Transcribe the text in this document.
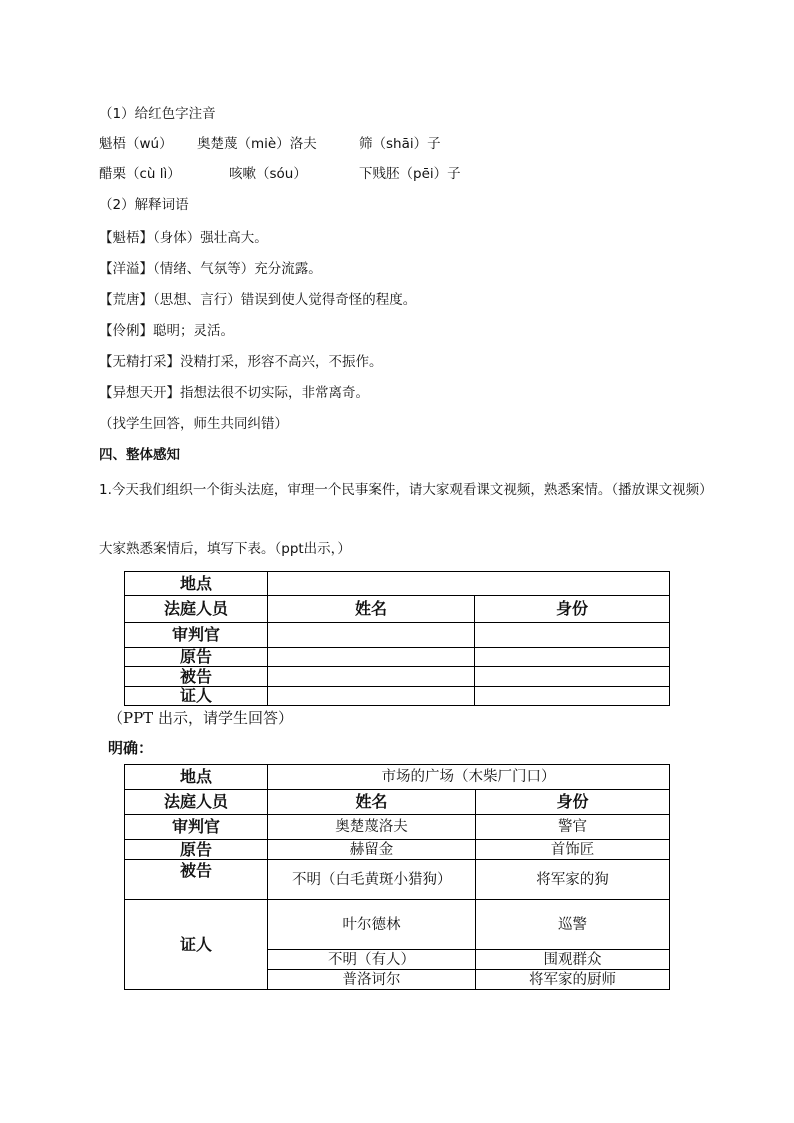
（1）给红色字注音
魁梧（wú） 奥楚蔑（miè）洛夫	筛（shāi）子
醋栗（cù lì）	咳嗽（sóu）	下贱胚（pēi）子
（2）解释词语
【魁梧】（身体）强壮高大。
【洋溢】（情绪、气氛等）充分流露。
【荒唐】（思想、言行）错误到使人觉得奇怪的程度。
【伶俐】聪明；灵活。
【无精打采】没精打采，形容不高兴，不振作。
【异想天开】指想法很不切实际，非常离奇。
（找学生回答，师生共同纠错）
四、整体感知
1.今天我们组织一个街头法庭，审理一个民事案件，请大家观看课文视频，熟悉案情。（播放课文视频）
大家熟悉案情后，填写下表。（ppt出示，）
地点		
法庭人员	姓名	身份
审判官		
原告		
被告		
证人		
（PPT 出示，请学生回答）
明确：
地点	市场的广场（木柴厂门口）	
法庭人员	姓名	身份
审判官	奥楚蔑洛夫	警官
原告	赫留金	首饰匠
被告	不明（白毛黄斑小猎狗）	将军家的狗
证人	叶尔德林	巡警
	不明（有人）	围观群众
	普洛诃尔	将军家的厨师
